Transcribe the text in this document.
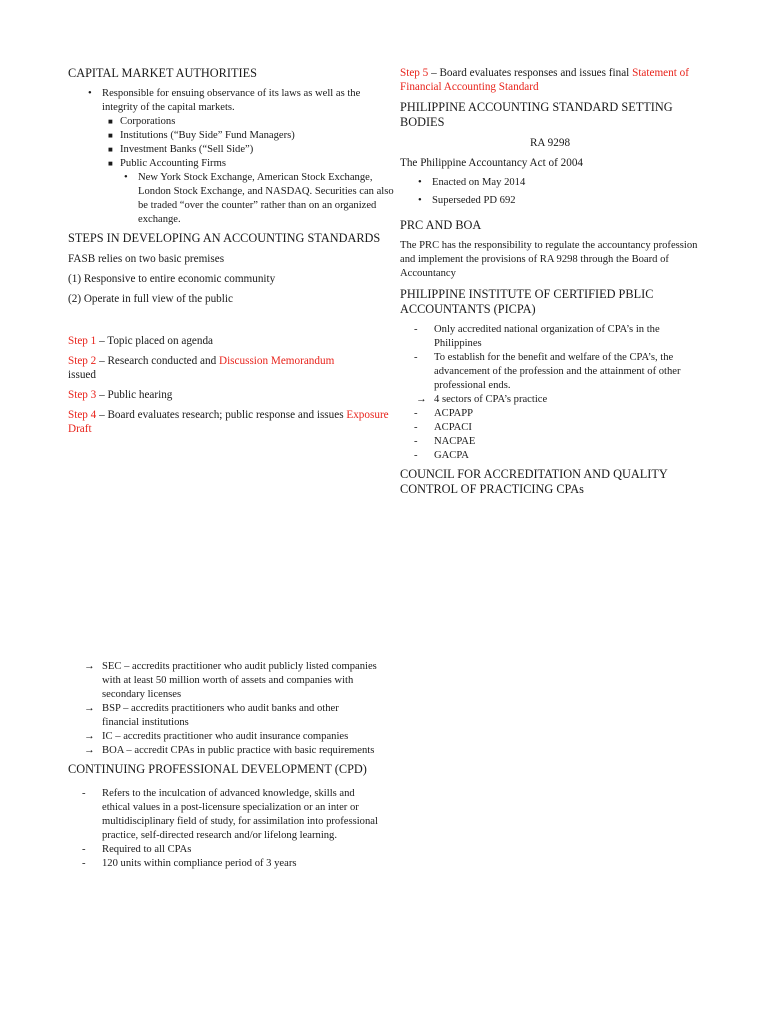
CAPITAL MARKET AUTHORITIES
• Responsible for ensuing observance of its laws as well as the integrity of the capital markets.
■ Corporations
■ Institutions (“Buy Side” Fund Managers)
■ Investment Banks (“Sell Side”)
■ Public Accounting Firms
• New York Stock Exchange, American Stock Exchange, London Stock Exchange, and NASDAQ. Securities can also be traded “over the counter” rather than on an organized exchange.
STEPS IN DEVELOPING AN ACCOUNTING STANDARDS
FASB relies on two basic premises
(1) Responsive to entire economic community
(2) Operate in full view of the public
Step 1 – Topic placed on agenda
Step 2 – Research conducted and Discussion Memorandum
issued
Step 3 – Public hearing
Step 4 – Board evaluates research; public response and issues Exposure Draft
Step 5 – Board evaluates responses and issues final Statement of Financial Accounting Standard
PHILIPPINE ACCOUNTING STANDARD SETTING BODIES
RA 9298
The Philippine Accountancy Act of 2004
• Enacted on May 2014
• Superseded PD 692
PRC AND BOA
The PRC has the responsibility to regulate the accountancy profession and implement the provisions of RA 9298 through the Board of Accountancy
PHILIPPINE INSTITUTE OF CERTIFIED PBLIC ACCOUNTANTS (PICPA)
- Only accredited national organization of CPA’s in the Philippines
- To establish for the benefit and welfare of the CPA’s, the advancement of the profession and the attainment of other professional ends.
→ 4 sectors of CPA’s practice
- ACPAPP
- ACPACI
- NACPAE
- GACPA
COUNCIL FOR ACCREDITATION AND QUALITY CONTROL OF PRACTICING CPAs
→ SEC – accredits practitioner who audit publicly listed companies with at least 50 million worth of assets and companies with secondary licenses
→ BSP – accredits practitioners who audit banks and other financial institutions
→ IC – accredits practitioner who audit insurance companies
→ BOA – accredit CPAs in public practice with basic requirements
CONTINUING PROFESSIONAL DEVELOPMENT (CPD)
- Refers to the inculcation of advanced knowledge, skills and ethical values in a post-licensure specialization or an inter or multidisciplinary field of study, for assimilation into professional practice, self-directed research and/or lifelong learning.
- Required to all CPAs
- 120 units within compliance period of 3 years
